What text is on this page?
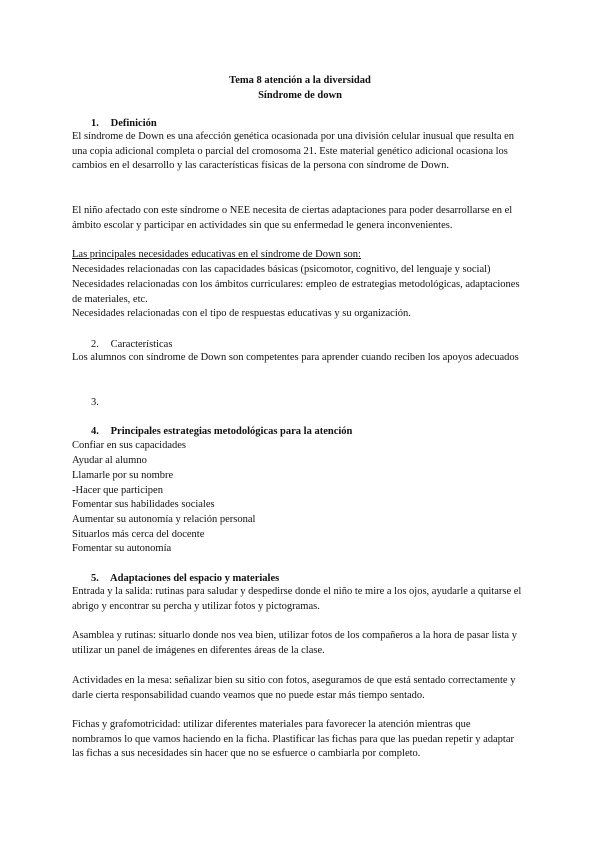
Tema 8 atención a la diversidad
Síndrome de down
1. Definición
El síndrome de Down es una afección genética ocasionada por una división celular inusual que resulta en una copia adicional completa o parcial del cromosoma 21. Este material genético adicional ocasiona los cambios en el desarrollo y las características físicas de la persona con síndrome de Down.
El niño afectado con este síndrome o NEE necesita de ciertas adaptaciones para poder desarrollarse en el ámbito escolar y participar en actividades sin que su enfermedad le genera inconvenientes.
Las principales necesidades educativas en el síndrome de Down son:
Necesidades relacionadas con las capacidades básicas (psicomotor, cognitivo, del lenguaje y social)
Necesidades relacionadas con los ámbitos curriculares: empleo de estrategias metodológicas, adaptaciones de materiales, etc.
Necesidades relacionadas con el tipo de respuestas educativas y su organización.
2. Características
Los alumnos con síndrome de Down son competentes para aprender cuando reciben los apoyos adecuados
3.
4. Principales estrategias metodológicas para la atención
Confiar en sus capacidades
Ayudar al alumno
Llamarle por su nombre
-Hacer que participen
Fomentar sus habilidades sociales
Aumentar su autonomía y relación personal
Situarlos más cerca del docente
Fomentar su autonomía
5. Adaptaciones del espacio y materiales
Entrada y la salida: rutinas para saludar y despedirse donde el niño te mire a los ojos, ayudarle a quitarse el abrigo y encontrar su percha y utilizar fotos y pictogramas.
Asamblea y rutinas: situarlo donde nos vea bien, utilizar fotos de los compañeros a la hora de pasar lista y utilizar un panel de imágenes en diferentes áreas de la clase.
Actividades en la mesa: señalizar bien su sitio con fotos, aseguramos de que está sentado correctamente y darle cierta responsabilidad cuando veamos que no puede estar más tiempo sentado.
Fichas y grafomotricidad: utilizar diferentes materiales para favorecer la atención mientras que nombramos lo que vamos haciendo en la ficha. Plastificar las fichas para que las puedan repetir y adaptar las fichas a sus necesidades sin hacer que no se esfuerce o cambiarla por completo.
